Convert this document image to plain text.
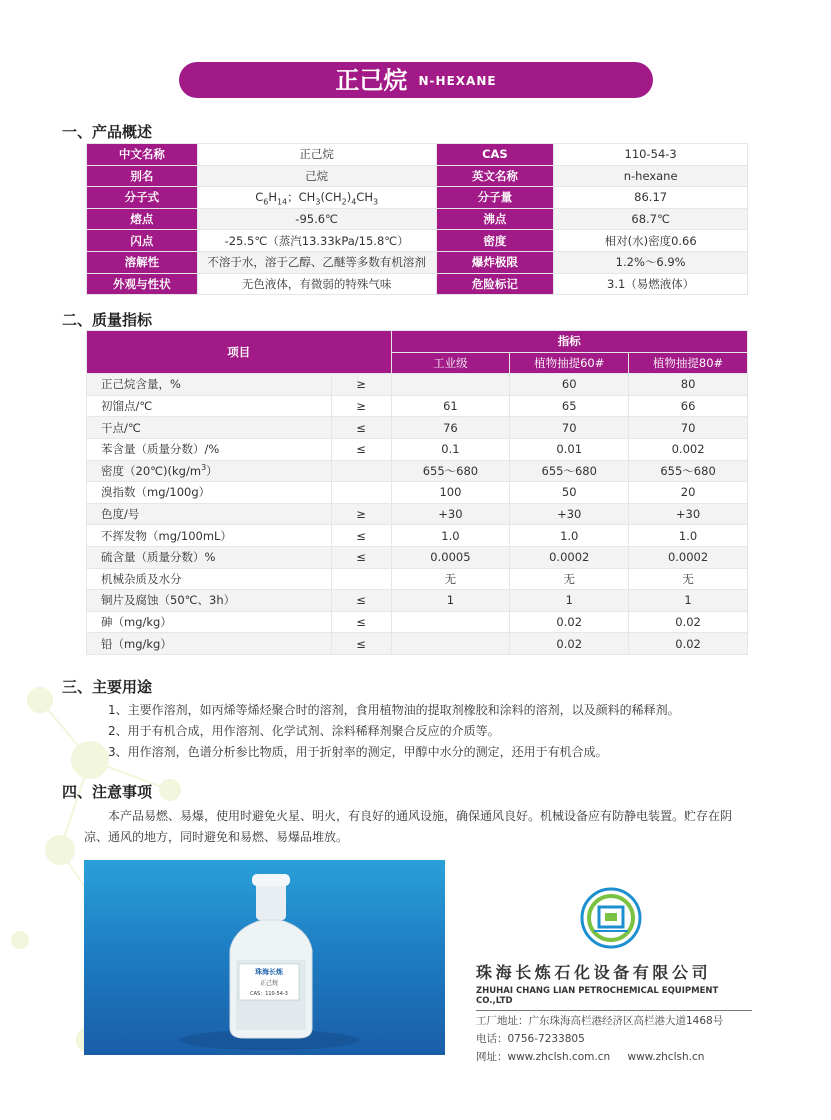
正己烷 N-HEXANE
一、产品概述
中文名称	正己烷	CAS	110-54-3
别名	己烷	英文名称	n-hexane
分子式	$C_6H_{14}$；$CH_3(CH_2)_4CH_3$	分子量	86.17
熔点	-95.6℃	沸点	68.7℃
闪点	-25.5℃（蒸汽13.33kPa/15.8℃）	密度	相对(水)密度0.66
溶解性	不溶于水，溶于乙醇、乙醚等多数有机溶剂	爆炸极限	1.2%～6.9%
外观与性状	无色液体，有微弱的特殊气味	危险标记	3.1（易燃液体）
二、质量指标
项目		指标		
		工业级	植物抽提60#	植物抽提80#
正己烷含量，%	≥		60	80
初馏点/℃	≥	61	65	66
干点/℃	≤	76	70	70
苯含量（质量分数）/%	≤	0.1	0.01	0.002
密度$(20℃)(kg/m^3)$		655～680	655～680	655～680
溴指数（mg/100g）		100	50	20
色度/号	≥	+30	+30	+30
不挥发物（mg/100mL）	≤	1.0	1.0	1.0
硫含量（质量分数）%	≤	0.0005	0.0002	0.0002
机械杂质及水分		无	无	无
铜片及腐蚀（50℃、3h）	≤	1	1	1
砷（mg/kg）	≤		0.02	0.02
铅（mg/kg）	≤		0.02	0.02
三、主要用途
1、主要作溶剂，如丙烯等烯烃聚合时的溶剂，食用植物油的提取剂橡胶和涂料的溶剂，以及颜料的稀释剂。
2、用于有机合成，用作溶剂、化学试剂、涂料稀释剂聚合反应的介质等。
3、用作溶剂，色谱分析参比物质，用于折射率的测定，甲醇中水分的测定，还用于有机合成。
四、注意事项
本产品易燃、易爆，使用时避免火星、明火，有良好的通风设施，确保通风良好。机械设备应有防静电装置。贮存在阴凉、通风的地方，同时避免和易燃、易爆品堆放。
珠海长炼
正己烷
CAS：110-54-3
珠海长炼石化设备有限公司
ZHUHAI CHANG LIAN PETROCHEMICAL EQUIPMENT CO.,LTD
工厂地址：广东珠海高栏港经济区高栏港大道1468号
电话：0756-7233805
网址：www.zhclsh.com.cn www.zhclsh.cn
